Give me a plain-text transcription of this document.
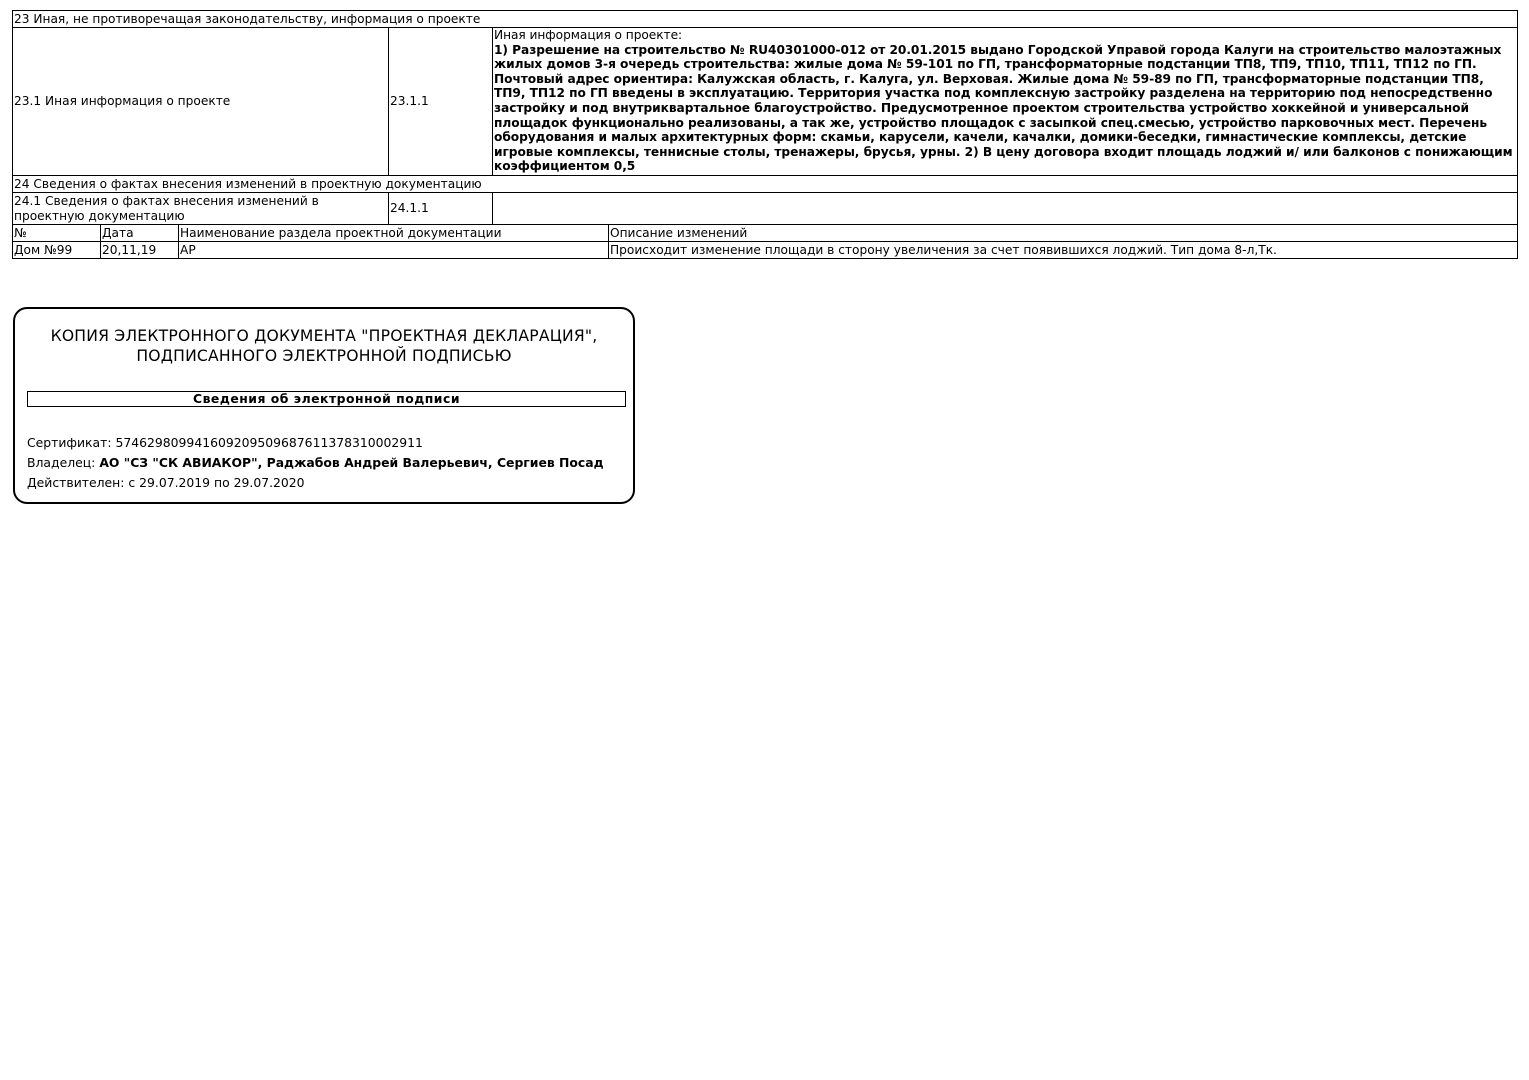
23 Иная, не противоречащая законодательству, информация о проекте		
23.1 Иная информация о проекте	23.1.1	Иная информация о проекте:
1) Разрешение на строительство № RU40301000-012 от 20.01.2015 выдано Городской Управой города Калуги на строительство малоэтажных жилых домов 3-я очередь строительства: жилые дома № 59-101 по ГП, трансформаторные подстанции ТП8, ТП9, ТП10, ТП11, ТП12 по ГП. Почтовый адрес ориентира: Калужская область, г. Калуга, ул. Верховая. Жилые дома № 59-89 по ГП, трансформаторные подстанции ТП8, ТП9, ТП12 по ГП введены в эксплуатацию. Территория участка под комплексную застройку разделена на территорию под непосредственно застройку и под внутриквартальное благоустройство. Предусмотренное проектом строительства устройство хоккейной и универсальной площадок функционально реализованы, а так же, устройство площадок с засыпкой спец.смесью, устройство парковочных мест. Перечень оборудования и малых архитектурных форм: скамьи, карусели, качели, качалки, домики-беседки, гимнастические комплексы, детские игровые комплексы, теннисные столы, тренажеры, брусья, урны. 2) В цену договора входит площадь лоджий и/ или балконов с понижающим коэффициентом 0,5

24 Сведения о фактах внесения изменений в проектную документацию		
24.1 Сведения о фактах внесения изменений в проектную документацию	24.1.1	
№	Дата	Наименование раздела проектной документации	Описание изменений
Дом №99	20,11,19	АР	Происходит изменение площади в сторону увеличения за счет появившихся лоджий. Тип дома 8-л,Тк.
КОПИЯ ЭЛЕКТРОННОГО ДОКУМЕНТА "ПРОЕКТНАЯ ДЕКЛАРАЦИЯ",
ПОДПИСАННОГО ЭЛЕКТРОННОЙ ПОДПИСЬЮ
Сведения об электронной подписи
Сертификат: 574629809941609209509687611378310002911
Владелец: АО "СЗ "СК АВИАКОР", Раджабов Андрей Валерьевич, Сергиев Посад
Действителен: с 29.07.2019 по 29.07.2020
